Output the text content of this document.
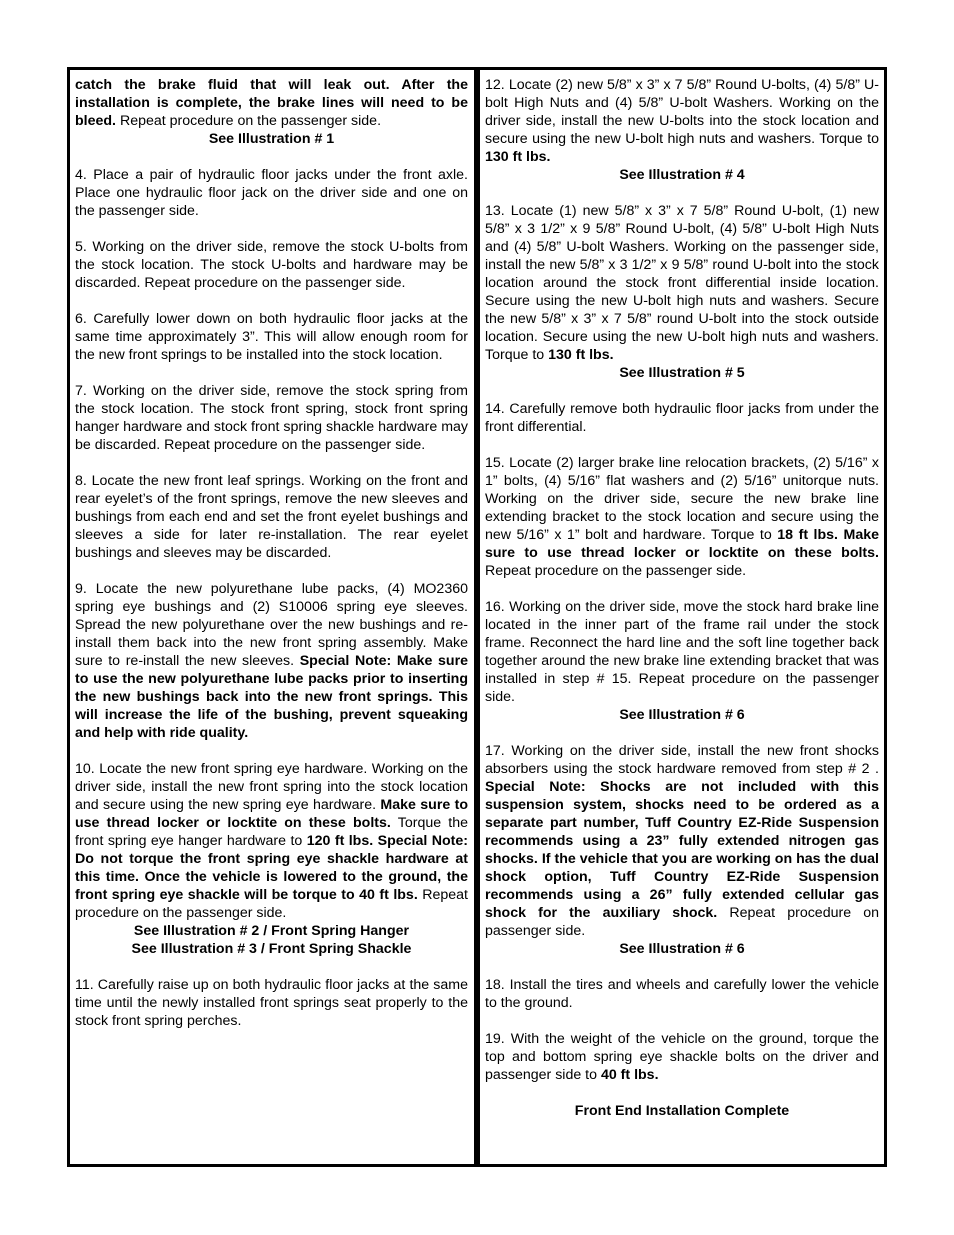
catch the brake fluid that will leak out. After the installation is complete, the brake lines will need to be bleed. Repeat procedure on the passenger side.
See Illustration # 1

4. Place a pair of hydraulic floor jacks under the front axle. Place one hydraulic floor jack on the driver side and one on the passenger side.

5. Working on the driver side, remove the stock U-bolts from the stock location. The stock U-bolts and hardware may be discarded. Repeat procedure on the passenger side.

6. Carefully lower down on both hydraulic floor jacks at the same time approximately 3”. This will allow enough room for the new front springs to be installed into the stock location.

7. Working on the driver side, remove the stock spring from the stock location. The stock front spring, stock front spring hanger hardware and stock front spring shackle hardware may be discarded. Repeat procedure on the passenger side.

8. Locate the new front leaf springs. Working on the front and rear eyelet’s of the front springs, remove the new sleeves and bushings from each end and set the front eyelet bushings and sleeves a side for later re-installation. The rear eyelet bushings and sleeves may be discarded.

9. Locate the new polyurethane lube packs, (4) MO2360 spring eye bushings and (2) S10006 spring eye sleeves. Spread the new polyurethane over the new bushings and re-install them back into the new front spring assembly. Make sure to re-install the new sleeves. Special Note: Make sure to use the new polyurethane lube packs prior to inserting the new bushings back into the new front springs. This will increase the life of the bushing, prevent squeaking and help with ride quality.

10. Locate the new front spring eye hardware. Working on the driver side, install the new front spring into the stock location and secure using the new spring eye hardware. Make sure to use thread locker or locktite on these bolts. Torque the front spring eye hanger hardware to 120 ft lbs. Special Note: Do not torque the front spring eye shackle hardware at this time. Once the vehicle is lowered to the ground, the front spring eye shackle will be torque to 40 ft lbs. Repeat procedure on the passenger side.
See Illustration # 2 / Front Spring Hanger
See Illustration # 3 / Front Spring Shackle

11. Carefully raise up on both hydraulic floor jacks at the same time until the newly installed front springs seat properly to the stock front spring perches.

12. Locate (2) new 5/8” x 3” x 7 5/8” Round U-bolts, (4) 5/8” U-bolt High Nuts and (4) 5/8” U-bolt Washers. Working on the driver side, install the new U-bolts into the stock location and secure using the new U-bolt high nuts and washers. Torque to 130 ft lbs.
See Illustration # 4

13. Locate (1) new 5/8” x 3” x 7 5/8” Round U-bolt, (1) new 5/8” x 3 1/2” x 9 5/8” Round U-bolt, (4) 5/8” U-bolt High Nuts and (4) 5/8” U-bolt Washers. Working on the passenger side, install the new 5/8” x 3 1/2” x 9 5/8” round U-bolt into the stock location around the stock front differential inside location. Secure using the new U-bolt high nuts and washers. Secure the new 5/8” x 3” x 7 5/8” round U-bolt into the stock outside location. Secure using the new U-bolt high nuts and washers. Torque to 130 ft lbs.
See Illustration # 5

14. Carefully remove both hydraulic floor jacks from under the front differential.

15. Locate (2) larger brake line relocation brackets, (2) 5/16” x 1” bolts, (4) 5/16” flat washers and (2) 5/16” unitorque nuts. Working on the driver side, secure the new brake line extending bracket to the stock location and secure using the new 5/16” x 1” bolt and hardware. Torque to 18 ft lbs. Make sure to use thread locker or locktite on these bolts. Repeat procedure on the passenger side.

16. Working on the driver side, move the stock hard brake line located in the inner part of the frame rail under the stock frame. Reconnect the hard line and the soft line together back together around the new brake line extending bracket that was installed in step # 15. Repeat procedure on the passenger side.
See Illustration # 6

17. Working on the driver side, install the new front shocks absorbers using the stock hardware removed from step # 2 . Special Note: Shocks are not included with this suspension system, shocks need to be ordered as a separate part number, Tuff Country EZ-Ride Suspension recommends using a 23” fully extended nitrogen gas shocks. If the vehicle that you are working on has the dual shock option, Tuff Country EZ-Ride Suspension recommends using a 26” fully extended cellular gas shock for the auxiliary shock. Repeat procedure on passenger side.
See Illustration # 6

18. Install the tires and wheels and carefully lower the vehicle to the ground.

19. With the weight of the vehicle on the ground, torque the top and bottom spring eye shackle bolts on the driver and passenger side to 40 ft lbs.

Front End Installation Complete
